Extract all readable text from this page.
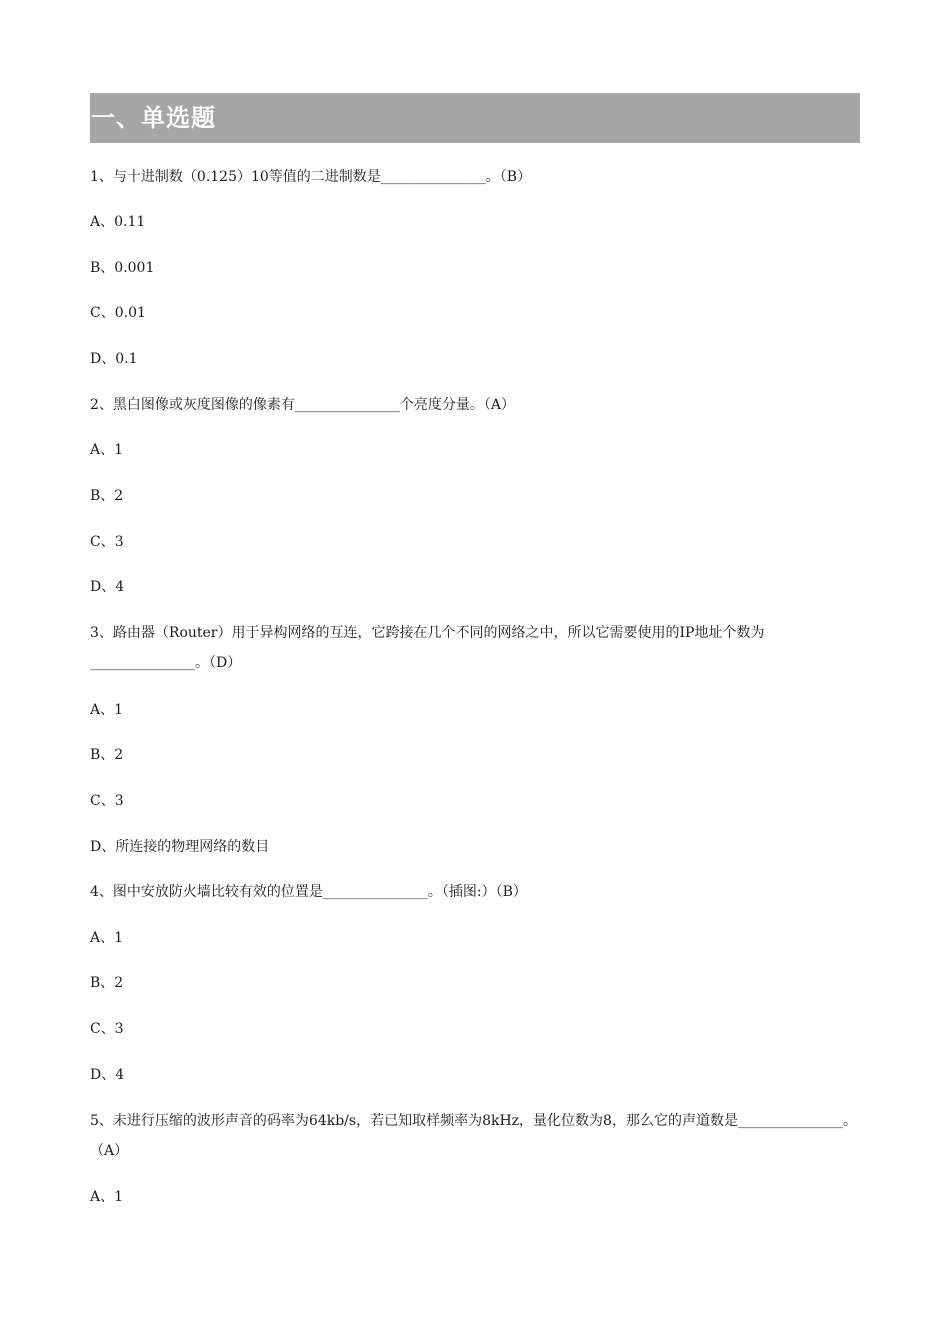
一、单选题
1、与十进制数（0.125）10等值的二进制数是_______________。（B）
A、0.11
B、0.001
C、0.01
D、0.1
2、黑白图像或灰度图像的像素有_______________个亮度分量。（A）
A、1
B、2
C、3
D、4
3、路由器（Router）用于异构网络的互连，它跨接在几个不同的网络之中，所以它需要使用的IP地址个数为_______________。（D）
A、1
B、2
C、3
D、所连接的物理网络的数目
4、图中安放防火墙比较有效的位置是_______________。（插图:）（B）
A、1
B、2
C、3
D、4
5、未进行压缩的波形声音的码率为64kb/s，若已知取样频率为8kHz，量化位数为8，那么它的声道数是_______________。（A）
A、1
